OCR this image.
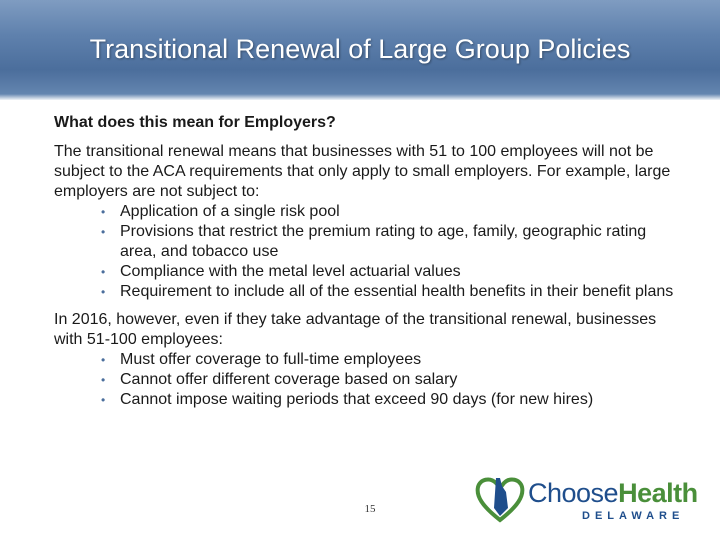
Transitional Renewal of Large Group Policies
What does this mean for Employers?

The transitional renewal means that businesses with 51 to 100 employees will not be subject to the ACA requirements that only apply to small employers. For example, large employers are not subject to:

• Application of a single risk pool
• Provisions that restrict the premium rating to age, family, geographic rating area, and tobacco use
• Compliance with the metal level actuarial values
• Requirement to include all of the essential health benefits in their benefit plans

In 2016, however, even if they take advantage of the transitional renewal, businesses with 51-100 employees:

• Must offer coverage to full-time employees
• Cannot offer different coverage based on salary
• Cannot impose waiting periods that exceed 90 days (for new hires)
15
ChooseHealth
DELAWARE
